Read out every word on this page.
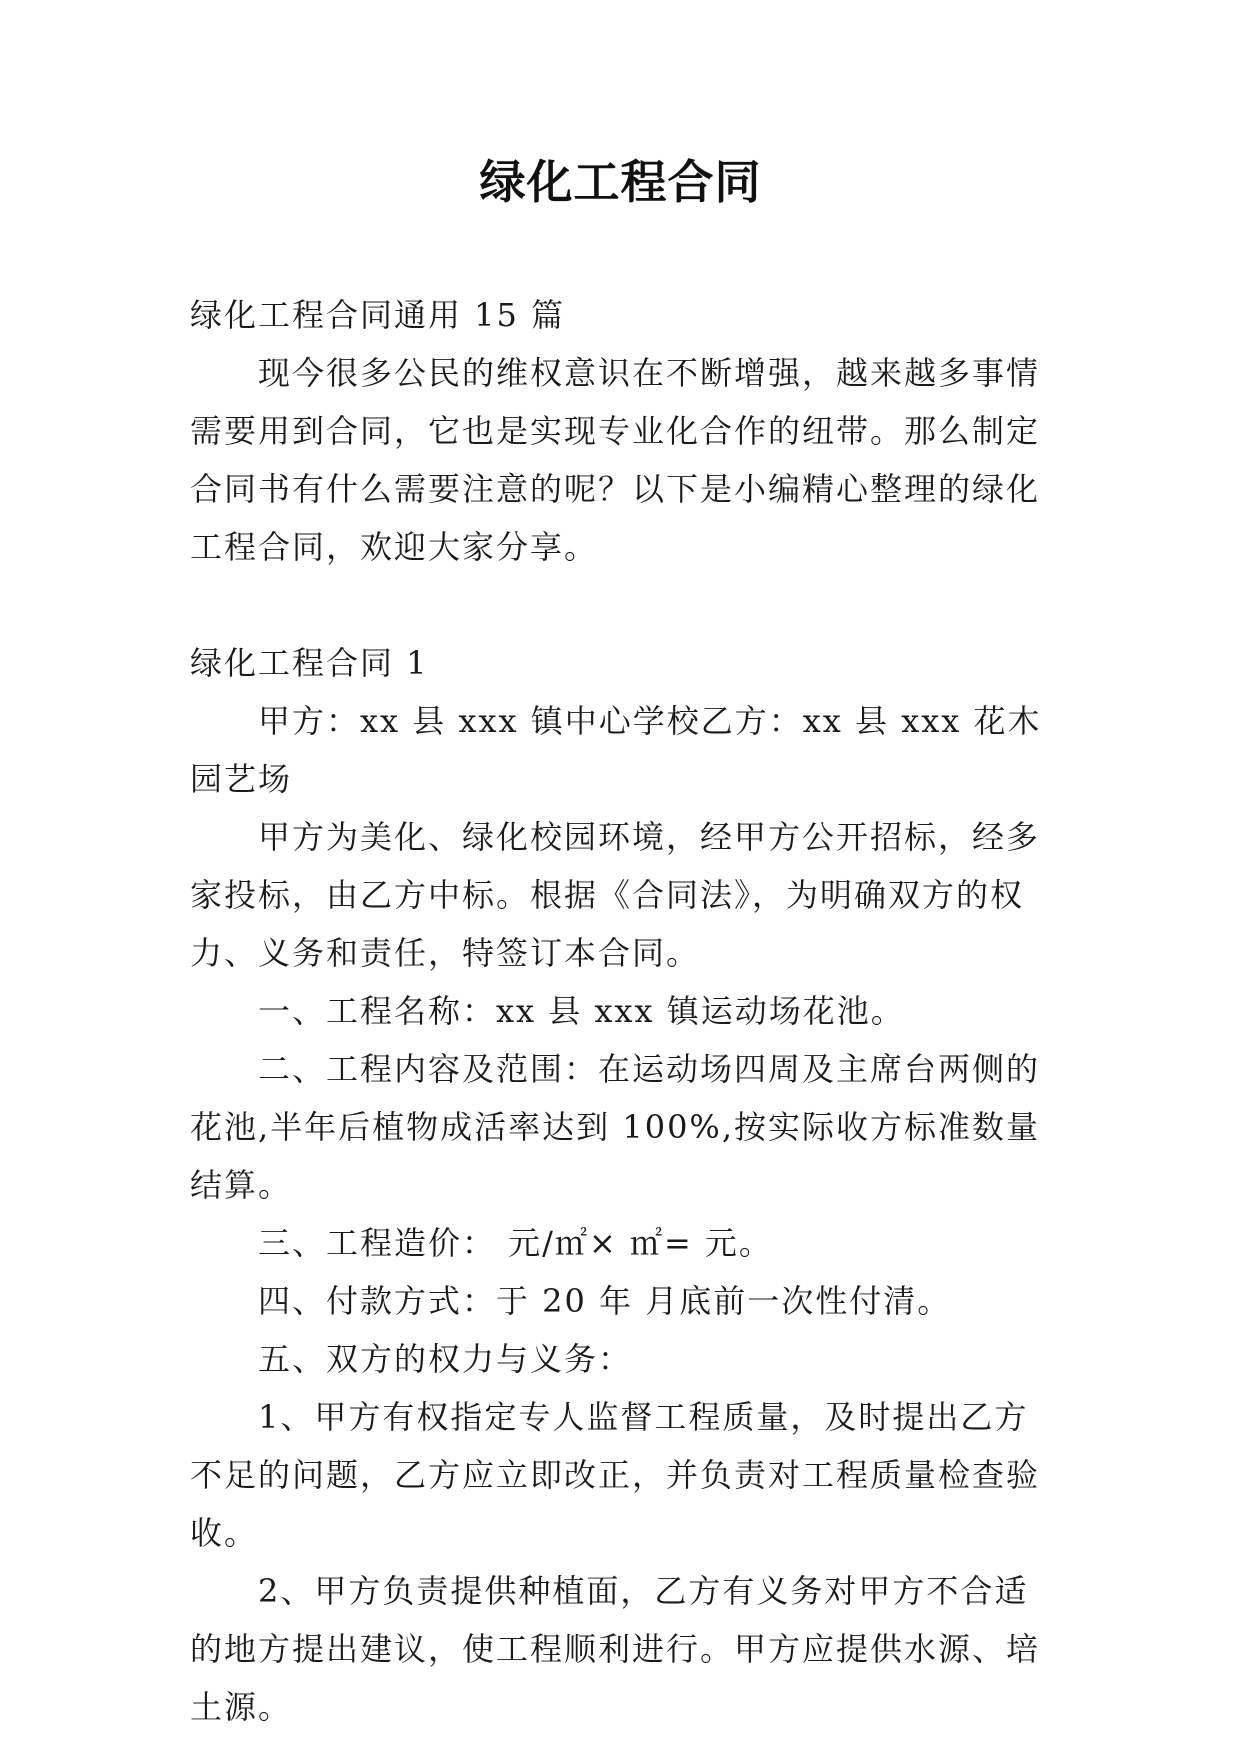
绿化工程合同

绿化工程合同通用 15 篇

现今很多公民的维权意识在不断增强，越来越多事情需要用到合同，它也是实现专业化合作的纽带。那么制定合同书有什么需要注意的呢？以下是小编精心整理的绿化工程合同，欢迎大家分享。

绿化工程合同 1

甲方：xx 县 xxx 镇中心学校乙方：xx 县 xxx 花木园艺场

甲方为美化、绿化校园环境，经甲方公开招标，经多家投标，由乙方中标。根据《合同法》，为明确双方的权力、义务和责任，特签订本合同。

一、工程名称：xx 县 xxx 镇运动场花池。

二、工程内容及范围：在运动场四周及主席台两侧的花池,半年后植物成活率达到 100%,按实际收方标准数量结算。

三、工程造价： 元/㎡× ㎡= 元。

四、付款方式：于 20 年 月底前一次性付清。

五、双方的权力与义务：

1、甲方有权指定专人监督工程质量，及时提出乙方不足的问题，乙方应立即改正，并负责对工程质量检查验收。

2、甲方负责提供种植面，乙方有义务对甲方不合适的地方提出建议，使工程顺利进行。甲方应提供水源、培土源。
